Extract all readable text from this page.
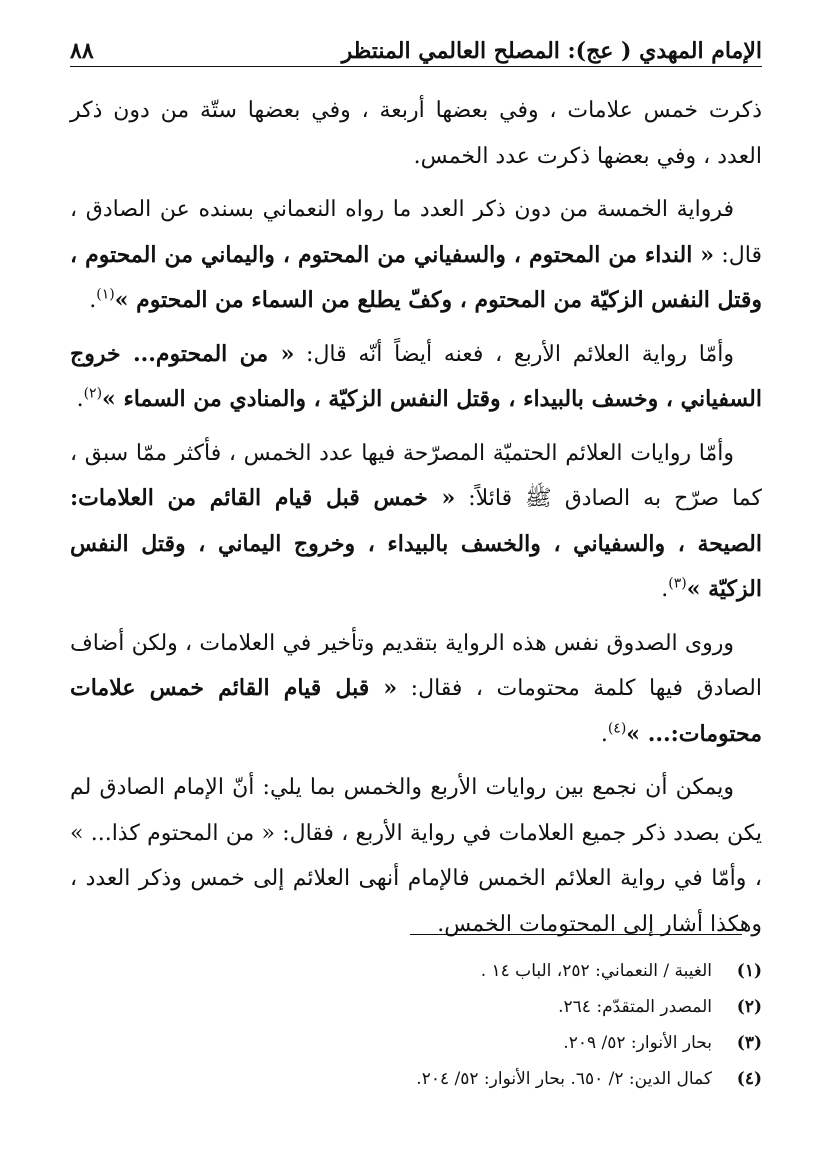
الإمام المهدي ( عج): المصلح العالمي المنتظر
٨٨

ذكرت خمس علامات ، وفي بعضها أربعة ، وفي بعضها ستّة من دون ذكر العدد ، وفي بعضها ذكرت عدد الخمس.

فرواية الخمسة من دون ذكر العدد ما رواه النعماني بسنده عن الصادق ، قال: « النداء من المحتوم ، والسفياني من المحتوم ، واليماني من المحتوم ، وقتل النفس الزكيّة من المحتوم ، وكفّ يطلع من السماء من المحتوم »$^{(١)}$.

وأمّا رواية العلائم الأربع ، فعنه أيضاً أنّه قال: « من المحتوم... خروج السفياني ، وخسف بالبيداء ، وقتل النفس الزكيّة ، والمنادي من السماء »$^{(٢)}$.

وأمّا روايات العلائم الحتميّة المصرّحة فيها عدد الخمس ، فأكثر ممّا سبق ، كما صرّح به الصادق ﷺ قائلاً: « خمس قبل قيام القائم من العلامات: الصيحة ، والسفياني ، والخسف بالبيداء ، وخروج اليماني ، وقتل النفس الزكيّة »$^{(٣)}$.

وروى الصدوق نفس هذه الرواية بتقديم وتأخير في العلامات ، ولكن أضاف الصادق فيها كلمة محتومات ، فقال: « قبل قيام القائم خمس علامات محتومات:... »$^{(٤)}$.

ويمكن أن نجمع بين روايات الأربع والخمس بما يلي: أنّ الإمام الصادق لم يكن بصدد ذكر جميع العلامات في رواية الأربع ، فقال: « من المحتوم كذا... » ، وأمّا في رواية العلائم الخمس فالإمام أنهى العلائم إلى خمس وذكر العدد ، وهكذا أشار إلى المحتومات الخمس.

(١)
الغيبة / النعماني: ٢٥٢، الباب ١٤ .
(٢)
المصدر المتقدّم: ٢٦٤.
(٣)
بحار الأنوار: ٥٢/ ٢٠٩.
(٤)
كمال الدين: ٢/ ٦٥٠. بحار الأنوار: ٥٢/ ٢٠٤.
